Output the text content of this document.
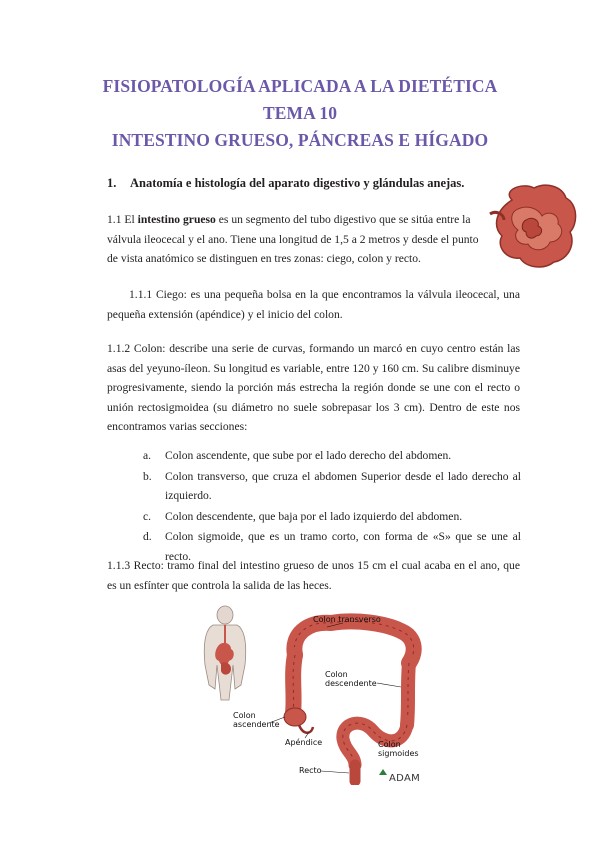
FISIOPATOLOGÍA APLICADA A LA DIETÉTICA
TEMA 10
INTESTINO GRUESO, PÁNCREAS E HÍGADO
1. Anatomía e histología del aparato digestivo y glándulas anejas.
1.1 El intestino grueso es un segmento del tubo digestivo que se sitúa entre la válvula ileocecal y el ano. Tiene una longitud de 1,5 a 2 metros y desde el punto de vista anatómico se distinguen en tres zonas: ciego, colon y recto.
1.1.1 Ciego: es una pequeña bolsa en la que encontramos la válvula ileocecal, una pequeña extensión (apéndice) y el inicio del colon.
1.1.2 Colon: describe una serie de curvas, formando un marcó en cuyo centro están las asas del yeyuno-íleon. Su longitud es variable, entre 120 y 160 cm. Su calibre disminuye progresivamente, siendo la porción más estrecha la región donde se une con el recto o unión rectosigmoidea (su diámetro no suele sobrepasar los 3 cm). Dentro de este nos encontramos varias secciones:
a. Colon ascendente, que sube por el lado derecho del abdomen.
b. Colon transverso, que cruza el abdomen Superior desde el lado derecho al izquierdo.
c. Colon descendente, que baja por el lado izquierdo del abdomen.
d. Colon sigmoide, que es un tramo corto, con forma de «S» que se une al recto.
1.1.3 Recto: tramo final del intestino grueso de unos 15 cm el cual acaba en el ano, que es un esfínter que controla la salida de las heces.
Colon transverso
Colon
descendente
Colon
ascendente
Apéndice	Colon
sigmoides
Recto
ADAM
